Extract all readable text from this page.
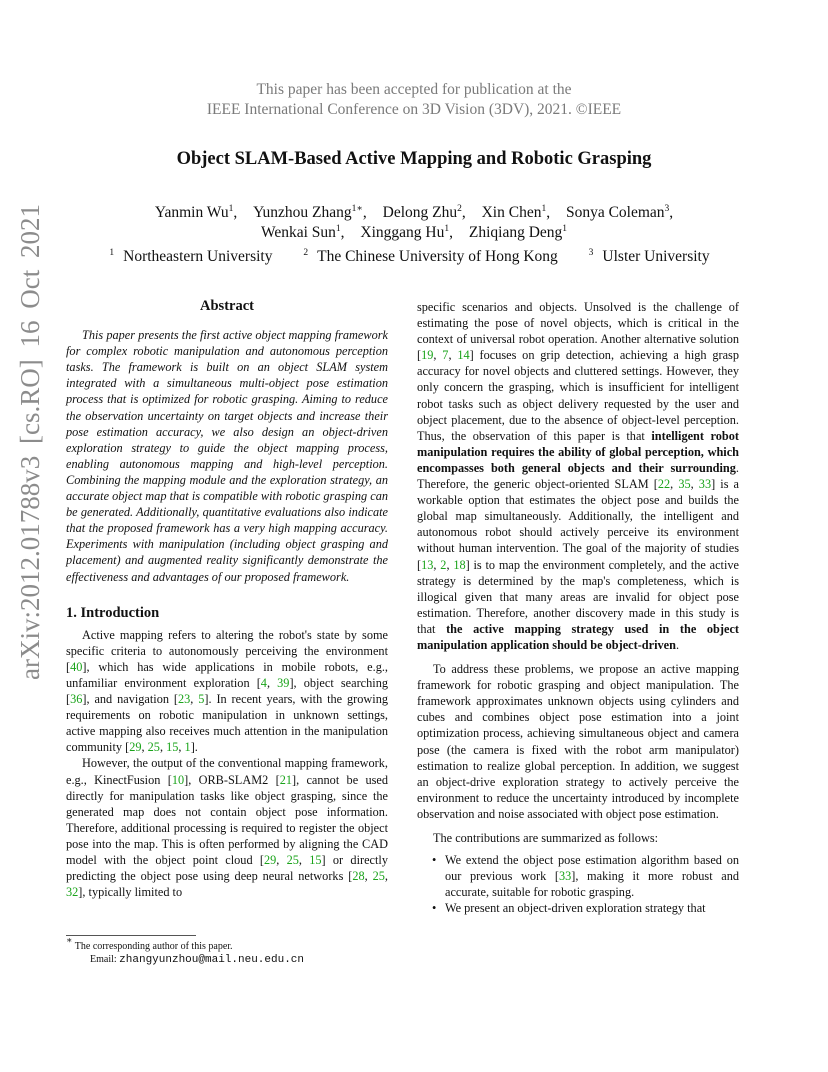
This paper has been accepted for publication at the
IEEE International Conference on 3D Vision (3DV), 2021. ©IEEE
Object SLAM-Based Active Mapping and Robotic Grasping
Yanmin Wu$^1$, Yunzhou Zhang$^{1∗}$, Delong Zhu$^2$, Xin Chen$^1$, Sonya Coleman$^3$,
Wenkai Sun$^1$, Xinggang Hu$^1$, Zhiqiang Deng$^1$
$^1$ Northeastern University	$^2$ The Chinese University of Hong Kong	$^3$ Ulster University
arXiv:2012.01788v3 [cs.RO] 16 Oct 2021	Abstract

This paper presents the first active object mapping framework for complex robotic manipulation and autonomous perception tasks. The framework is built on an object SLAM system integrated with a simultaneous multi-object pose estimation process that is optimized for robotic grasping. Aiming to reduce the observation uncertainty on target objects and increase their pose estimation accuracy, we also design an object-driven exploration strategy to guide the object mapping process, enabling autonomous mapping and high-level perception. Combining the mapping module and the exploration strategy, an accurate object map that is compatible with robotic grasping can be generated. Additionally, quantitative evaluations also indicate that the proposed framework has a very high mapping accuracy. Experiments with manipulation (including object grasping and placement) and augmented reality significantly demonstrate the effectiveness and advantages of our proposed framework.

1. Introduction

Active mapping refers to altering the robot's state by some specific criteria to autonomously perceiving the environment [40], which has wide applications in mobile robots, e.g., unfamiliar environment exploration [4, 39], object searching [36], and navigation [23, 5]. In recent years, with the growing requirements on robotic manipulation in unknown settings, active mapping also receives much attention in the manipulation community [29, 25, 15, 1].

However, the output of the conventional mapping framework, e.g., KinectFusion [10], ORB-SLAM2 [21], cannot be used directly for manipulation tasks like object grasping, since the generated map does not contain object pose information. Therefore, additional processing is required to register the object pose into the map. This is often performed by aligning the CAD model with the object point cloud [29, 25, 15] or directly predicting the object pose using deep neural networks [28, 25, 32], typically limited to

∗ The corresponding author of this paper.
Email: zhangyunzhou@mail.neu.edu.cn

specific scenarios and objects. Unsolved is the challenge of estimating the pose of novel objects, which is critical in the context of universal robot operation. Another alternative solution [19, 7, 14] focuses on grip detection, achieving a high grasp accuracy for novel objects and cluttered settings. However, they only concern the grasping, which is insufficient for intelligent robot tasks such as object delivery requested by the user and object placement, due to the absence of object-level perception. Thus, the observation of this paper is that intelligent robot manipulation requires the ability of global perception, which encompasses both general objects and their surrounding. Therefore, the generic object-oriented SLAM [22, 35, 33] is a workable option that estimates the object pose and builds the global map simultaneously. Additionally, the intelligent and autonomous robot should actively perceive its environment without human intervention. The goal of the majority of studies [13, 2, 18] is to map the environment completely, and the active strategy is determined by the map's completeness, which is illogical given that many areas are invalid for object pose estimation. Therefore, another discovery made in this study is that the active mapping strategy used in the object manipulation application should be object-driven.

To address these problems, we propose an active mapping framework for robotic grasping and object manipulation. The framework approximates unknown objects using cylinders and cubes and combines object pose estimation into a joint optimization process, achieving simultaneous object and camera pose (the camera is fixed with the robot arm manipulator) estimation to realize global perception. In addition, we suggest an object-drive exploration strategy to actively perceive the environment to reduce the uncertainty introduced by incomplete observation and noise associated with object pose estimation.

The contributions are summarized as follows:

• We extend the object pose estimation algorithm based on our previous work [33], making it more robust and accurate, suitable for robotic grasping.
• We present an object-driven exploration strategy that
